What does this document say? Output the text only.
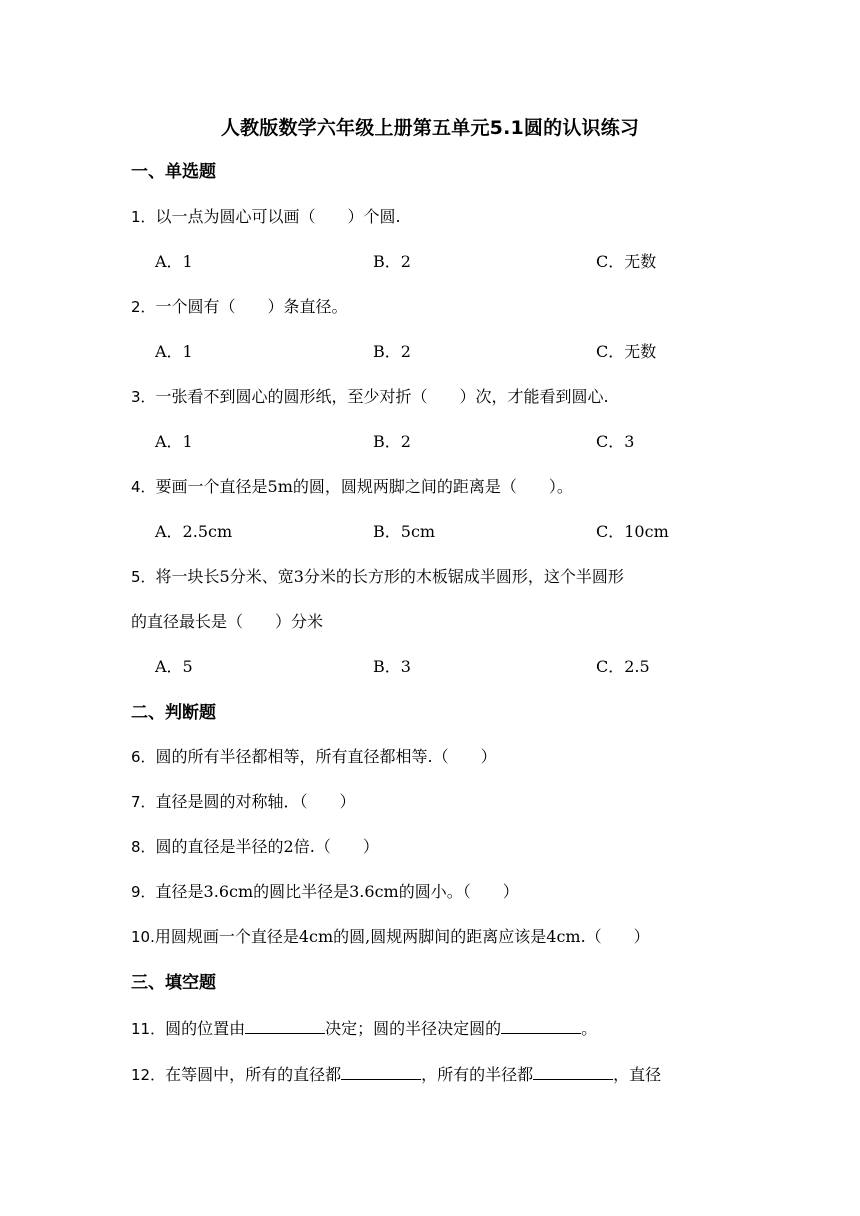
人教版数学六年级上册第五单元5.1圆的认识练习
一、单选题
1．以一点为圆心可以画（　　）个圆.
A．1	B．2	C．无数
2．一个圆有（　　）条直径。
A．1	B．2	C．无数
3．一张看不到圆心的圆形纸，至少对折（　　）次，才能看到圆心.
A．1	B．2	C．3
4．要画一个直径是5m的圆，圆规两脚之间的距离是（　　）。
A．2.5cm	B．5cm	C．10cm
5．将一块长5分米、宽3分米的长方形的木板锯成半圆形，这个半圆形
的直径最长是（　　）分米
A．5	B．3	C．2.5
二、判断题
6．圆的所有半径都相等，所有直径都相等.（　　）
7．直径是圆的对称轴．（　　）
8．圆的直径是半径的2倍.（　　）
9．直径是3.6cm的圆比半径是3.6cm的圆小。（　　）
10.用圆规画一个直径是4cm的圆,圆规两脚间的距离应该是4cm.（　　）
三、填空题
11．圆的位置由	决定；圆的半径决定圆的	。
12．在等圆中，所有的直径都	，所有的半径都	，直径
